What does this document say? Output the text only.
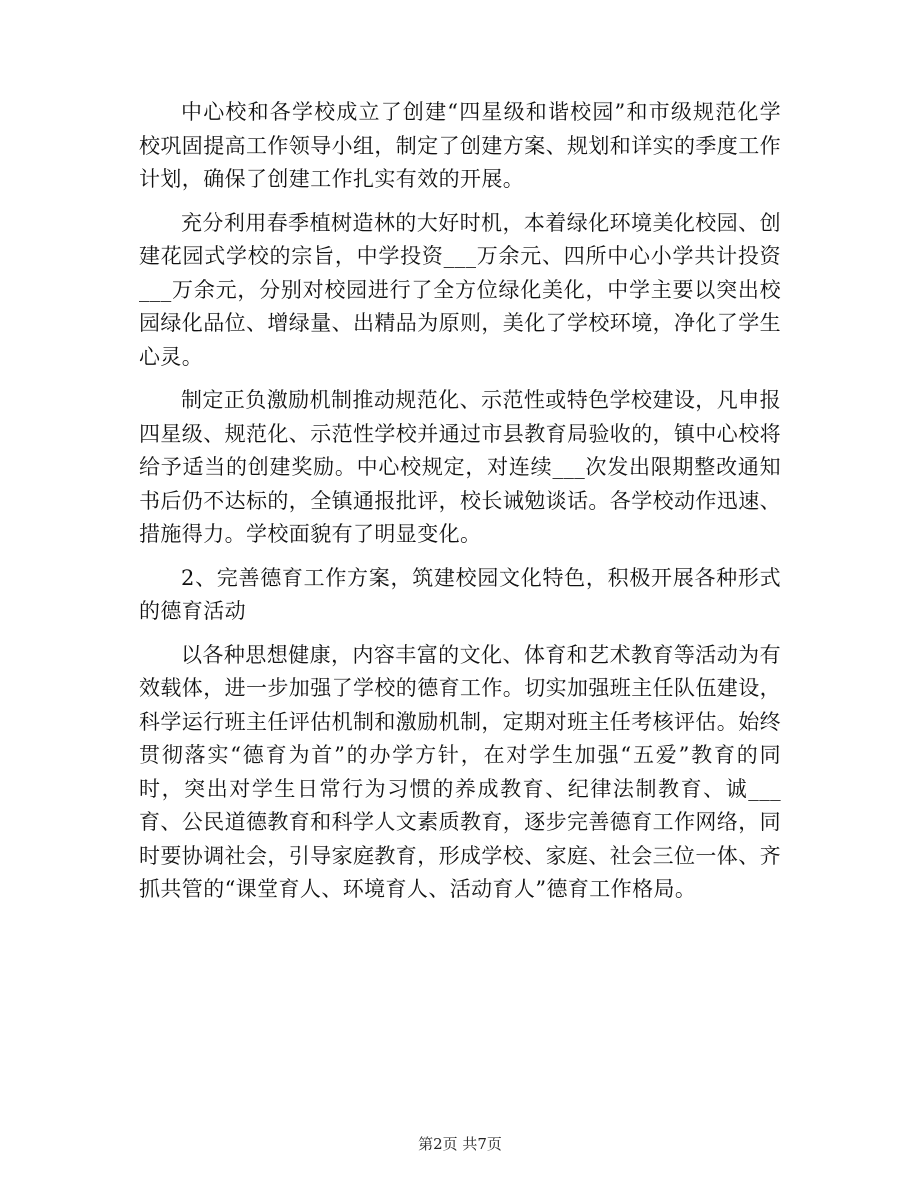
中心校和各学校成立了创建“四星级和谐校园”和市级规范化学校巩固提高工作领导小组，制定了创建方案、规划和详实的季度工作计划，确保了创建工作扎实有效的开展。

充分利用春季植树造林的大好时机，本着绿化环境美化校园、创建花园式学校的宗旨，中学投资___万余元、四所中心小学共计投资___万余元，分别对校园进行了全方位绿化美化，中学主要以突出校园绿化品位、增绿量、出精品为原则，美化了学校环境，净化了学生心灵。

制定正负激励机制推动规范化、示范性或特色学校建设，凡申报四星级、规范化、示范性学校并通过市县教育局验收的，镇中心校将给予适当的创建奖励。中心校规定，对连续___次发出限期整改通知书后仍不达标的，全镇通报批评，校长诫勉谈话。各学校动作迅速、措施得力。学校面貌有了明显变化。

2、完善德育工作方案，筑建校园文化特色，积极开展各种形式的德育活动

以各种思想健康，内容丰富的文化、体育和艺术教育等活动为有效载体，进一步加强了学校的德育工作。切实加强班主任队伍建设，科学运行班主任评估机制和激励机制，定期对班主任考核评估。始终贯彻落实“德育为首”的办学方针，在对学生加强“五爱”教育的同时，突出对学生日常行为习惯的养成教育、纪律法制教育、诚___育、公民道德教育和科学人文素质教育，逐步完善德育工作网络，同时要协调社会，引导家庭教育，形成学校、家庭、社会三位一体、齐抓共管的“课堂育人、环境育人、活动育人”德育工作格局。

第2页 共7页
